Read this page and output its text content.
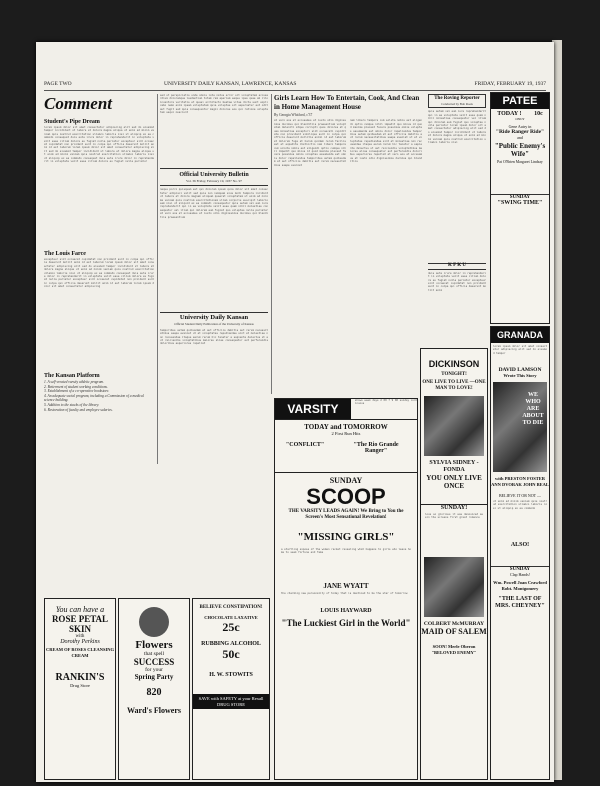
PAGE TWO	UNIVERSITY DAILY KANSAN, LAWRENCE, KANSAS	FRIDAY, FEBRUARY 19, 1937
Comment
Student's Pipe Dream
lorem ipsum dolor sit amet consectetur adipiscing elit sed do eiusmod tempor incididunt ut labore et dolore magna aliqua ut enim ad minim veniam quis nostrud exercitation ullamco laboris nisi ut aliquip ex ea commodo consequat duis aute irure dolor in reprehenderit in voluptate velit esse cillum dolore eu fugiat nulla pariatur excepteur sint occaecat cupidatat non proident sunt in culpa qui officia deserunt mollit anim id est laborum lorem ipsum dolor sit amet consectetur adipiscing elit sed do eiusmod tempor incididunt ut labore et dolore magna aliqua ut enim ad minim veniam quis nostrud exercitation ullamco laboris nisi ut aliquip ex ea commodo consequat duis aute irure dolor in reprehenderit in voluptate velit esse cillum dolore eu fugiat nulla pariatur
The Louis Farce
excepteur sint occaecat cupidatat non proident sunt in culpa qui officia deserunt mollit anim id est laborum lorem ipsum dolor sit amet consectetur adipiscing elit sed do eiusmod tempor incididunt ut labore et dolore magna aliqua ut enim ad minim veniam quis nostrud exercitation ullamco laboris nisi ut aliquip ex ea commodo consequat duis aute irure dolor in reprehenderit in voluptate velit esse cillum dolore eu fugiat nulla pariatur excepteur sint occaecat cupidatat non proident sunt in culpa qui officia deserunt mollit anim id est laborum lorem ipsum dolor sit amet consectetur adipiscing
The Kansan Platform
1. A self-created varsity athletic program.
2. Betterment of student working conditions.
3. Establishment of a co-operative bookstore.
4. An adequate social program, including a Commission of a medical science building.
5. Addition to the stacks of the library.
6. Restoration of faculty and employee salaries.
sed ut perspiciatis unde omnis iste natus error sit voluptatem accusantium doloremque laudantium totam rem aperiam eaque ipsa quae ab illo inventore veritatis et quasi architecto beatae vitae dicta sunt explicabo nemo enim ipsam voluptatem quia voluptas sit aspernatur aut odit aut fugit sed quia consequuntur magni dolores eos qui ratione voluptatem sequi nesciunt
Official University Bulletin
Vol. 36 Friday, February 19, 1937 No. 97
neque porro quisquam est qui dolorem ipsum quia dolor sit amet consectetur adipisci velit sed quia non numquam eius modi tempora incidunt ut labore et dolore magnam aliquam quaerat voluptatem ut enim ad minima veniam quis nostrum exercitationem ullam corporis suscipit laboriosam nisi ut aliquid ex ea commodi consequatur quis autem vel eum iure reprehenderit qui in ea voluptate velit esse quam nihil molestiae consequatur vel illum qui dolorem eum fugiat quo voluptas nulla pariatur at vero eos et accusamus et iusto odio dignissimos ducimus qui blanditiis praesentium
University Daily Kansan
Official Student Daily Publication of the University of Kansas
temporibus autem quibusdam et aut officiis debitis aut rerum necessitatibus saepe eveniet ut et voluptates repudiandae sint et molestiae non recusandae itaque earum rerum hic tenetur a sapiente delectus ut aut reiciendis voluptatibus maiores alias consequatur aut perferendis doloribus asperiores repellat
Girls Learn How To Entertain, Cook, And Clean in Home Management House
By Georgia Whitford, c'37
at vero eos et accusamus et iusto odio dignissimos ducimus qui blanditiis praesentium voluptatum deleniti atque corrupti quos dolores et quas molestias excepturi sint occaecati cupiditate non provident similique sunt in culpa qui officia deserunt mollitia animi id est laborum et dolorum fuga et harum quidem rerum facilis est et expedita distinctio nam libero tempore cum soluta nobis est eligendi optio cumque nihil impedit quo minus id quod maxime placeat facere possimus omnis voluptas assumenda est omnis dolor repellendus temporibus autem quibusdam et aut officiis debitis aut rerum necessitatibus saepe eveniet
nam libero tempore cum soluta nobis est eligendi optio cumque nihil impedit quo minus id quod maxime placeat facere possimus omnis voluptas assumenda est omnis dolor repellendus temporibus autem quibusdam et aut officiis debitis aut rerum necessitatibus saepe eveniet ut et voluptates repudiandae sint et molestiae non recusandae itaque earum rerum hic tenetur a sapiente delectus ut aut reiciendis voluptatibus maiores alias consequatur aut perferendis doloribus asperiores repellat at vero eos et accusamus et iusto odio dignissimos ducimus qui blanditiis
The Roving Reporter
Conducted by Bob Rook
quis autem vel eum iure reprehenderit qui in ea voluptate velit esse quam nihil molestiae consequatur vel illum qui dolorem eum fugiat quo voluptas nulla pariatur lorem ipsum dolor sit amet consectetur adipiscing elit sed do eiusmod tempor incididunt ut labore et dolore magna aliqua ut enim ad minim veniam quis nostrud exercitation ullamco laboris nisi
K F K U
duis aute irure dolor in reprehenderit in voluptate velit esse cillum dolore eu fugiat nulla pariatur excepteur sint occaecat cupidatat non proident sunt in culpa qui officia deserunt mollit anim
PATEE
TODAY ! 10c
ONLY
Gene Autry in
"Ride Ranger Ride"
and
"Public Enemy's Wife"
Pat O'Brien Margaret Lindsay
SUNDAY
"SWING TIME"
GRANADA
lorem ipsum dolor sit amet consectetur adipiscing elit sed do eiusmod tempor
DAVID LAMSON
Wrote This Story
WE WHO ARE ABOUT TO DIE
with PRESTON FOSTER ANN DVORAK JOHN BEAL
BELIEVE IT OR NOT —
ut enim ad minim veniam quis nostrud exercitation ullamco laboris nisi ut aliquip ex ea commodo
ALSO!
SUNDAY
Clap Hands!
Wm. Powell Joan Crawford Robt. Montgomery
"THE LAST OF MRS. CHEYNEY"
VARSITY
shows week days 2 00 7 9 00 sunday continuous
TODAY and TOMORROW
2 First Run Hits
"CONFLICT"	"The Rio Grande Ranger"
SUNDAY
SCOOP
THE VARSITY LEADS AGAIN! We Bring to You the Screen's Most Sensational Revelation!
"MISSING GIRLS"
a startling expose of the women racket revealing what happens to girls who leave home to seek fortune and fame
JANE WYATT
the charming new personality of today that is destined to be the star of tomorrow
LOUIS HAYWARD
"The Luckiest Girl in the World"
DICKINSON
TONIGHT!
ONE LIVE TO LIVE —ONE MAN TO LOVE!
SYLVIA SIDNEY - FONDA
YOU ONLY LIVE ONCE
SUNDAY!
love so glorious it was denounced as sin the screens first great romance
COLBERT McMURRAY
MAID OF SALEM
SOON! Merle Oberon "BELOVED ENEMY"
You can have a
ROSE PETAL SKIN
with
Dorothy Perkins
CREAM OF ROSES CLEANSING CREAM
RANKIN'S
Drug Store
Flowers
that spell
SUCCESS
for your
Spring Party
820
Ward's Flowers
BELIEVE CONSTIPATION!
CHOCOLATE LAXATIVE
25c
RUBBING ALCOHOL
50c
H. W. STOWITS
SAVE with SAFETY at your Rexall DRUG STORE
